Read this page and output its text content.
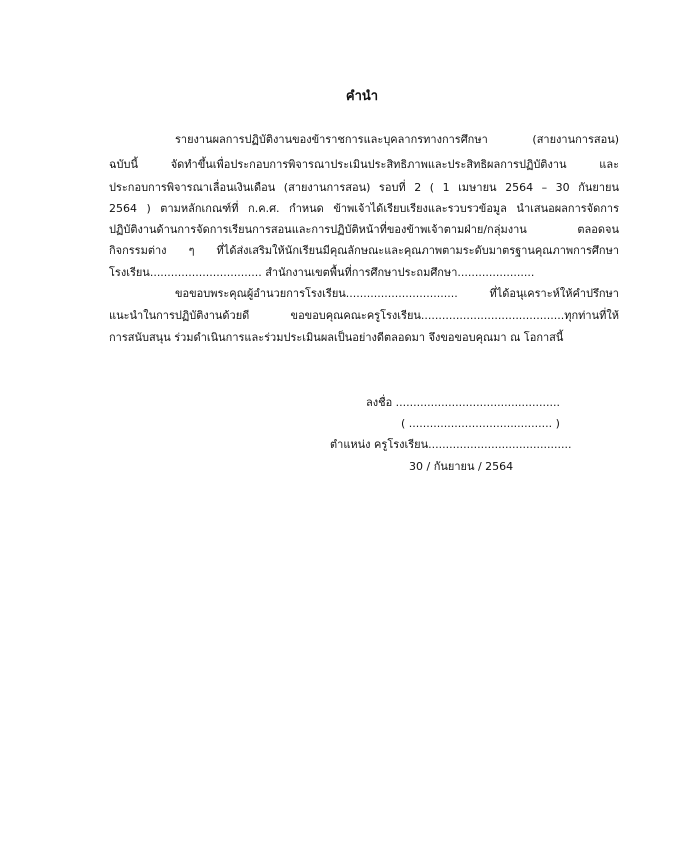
คำนำ
รายงานผลการปฏิบัติงานของข้าราชการและบุคลากรทางการศึกษา (สายงานการสอน)
ฉบับนี้ จัดทำขึ้นเพื่อประกอบการพิจารณาประเมินประสิทธิภาพและประสิทธิผลการปฏิบัติงาน และ
ประกอบการพิจารณาเลื่อนเงินเดือน (สายงานการสอน) รอบที่ 2 ( 1 เมษายน 2564 – 30 กันยายน
2564 ) ตามหลักเกณฑ์ที่ ก.ค.ศ. กำหนด ข้าพเจ้าได้เรียบเรียงและรวบรวข้อมูล นำเสนอผลการจัดการ
ปฏิบัติงานด้านการจัดการเรียนการสอนและการปฏิบัติหน้าที่ของข้าพเจ้าตามฝ่าย/กลุ่มงาน ตลอดจน
กิจกรรมต่าง ๆ ที่ได้ส่งเสริมให้นักเรียนมีคุณลักษณะและคุณภาพตามระดับมาตรฐานคุณภาพการศึกษา
โรงเรียน................................ สำนักงานเขตพื้นที่การศึกษาประถมศึกษา......................
ขอขอบพระคุณผู้อำนวยการโรงเรียน................................ ที่ได้อนุเคราะห์ให้คำปรึกษา
แนะนำในการปฏิบัติงานด้วยดี ขอขอบคุณคณะครูโรงเรียน.........................................ทุกท่านที่ให้
การสนับสนุน ร่วมดำเนินการและร่วมประเมินผลเป็นอย่างดีตลอดมา จึงขอขอบคุณมา ณ โอกาสนี้
ลงชื่อ ...............................................
( ......................................... )
ตำแหน่ง ครูโรงเรียน.........................................
30 / กันยายน / 2564
